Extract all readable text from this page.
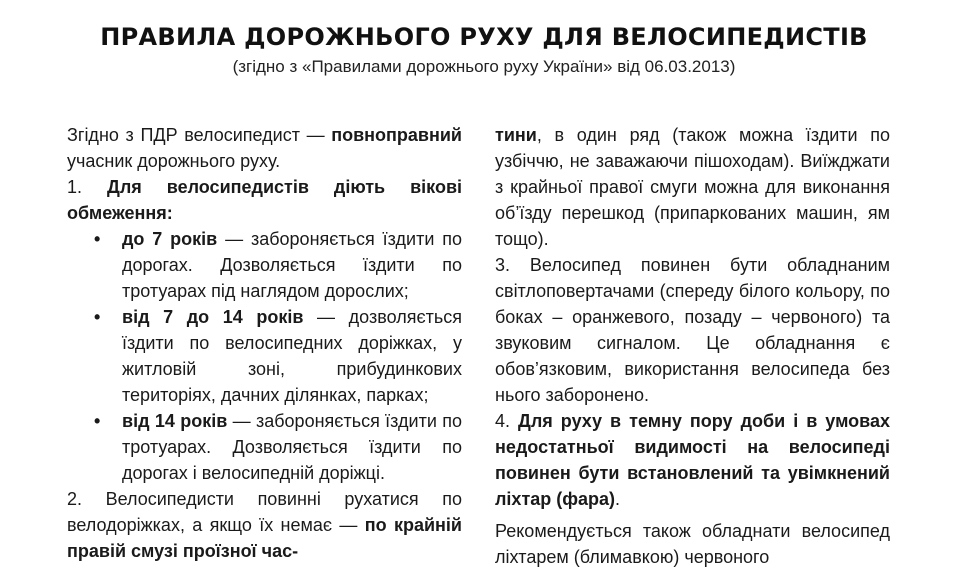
ПРАВИЛА ДОРОЖНЬОГО РУХУ ДЛЯ ВЕЛОСИПЕДИСТІВ
(згідно з «Правилами дорожнього руху України» від 06.03.2013)

Згідно з ПДР велосипедист — повноправний учасник дорожнього руху.

1. Для велосипедистів діють вікові обмеження:

• до 7 років — забороняється їздити по дорогах. Дозволяється їздити по тротуарах під наглядом дорослих;
• від 7 до 14 років — дозволяється їздити по велосипедних доріжках, у житловій зоні, прибудинкових територіях, дачних ділянках, парках;
• від 14 років — забороняється їздити по тротуарах. Дозволяється їздити по дорогах і велосипедній доріжці.

2. Велосипедисти повинні рухатися по велодоріжках, а якщо їх немає — по крайній правій смузі проїзної час-

тини, в один ряд (також можна їздити по узбіччю, не заважаючи пішоходам). Виїжджати з крайньої правої смуги можна для виконання об’їзду перешкод (припаркованих машин, ям тощо).

3. Велосипед повинен бути обладнаним світлоповертачами (спереду білого кольору, по боках – оранжевого, позаду – червоного) та звуковим сигналом. Це обладнання є обов’язковим, використання велосипеда без нього заборонено.

4. Для руху в темну пору доби і в умовах недостатньої видимості на велосипеді повинен бути встановлений та увімкнений ліхтар (фара).

Рекомендується також обладнати велосипед ліхтарем (блимавкою) червоного
